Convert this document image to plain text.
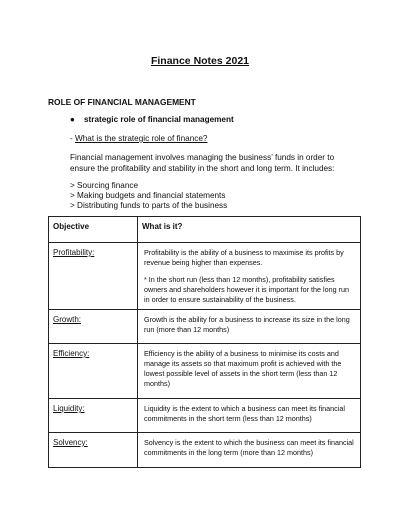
Finance Notes 2021
ROLE OF FINANCIAL MANAGEMENT
● strategic role of financial management
- What is the strategic role of finance?
Financial management involves managing the business’ funds in order to ensure the profitability and stability in the short and long term. It includes:
> Sourcing finance
> Making budgets and financial statements
> Distributing funds to parts of the business
Objective	What is it?
Profitability:	Profitability is the ability of a business to maximise its profits by revenue being higher than expenses.

* In the short run (less than 12 months), profitability satisfies owners and shareholders however it is important for the long run in order to ensure sustainability of the business.

Growth:	Growth is the ability for a business to increase its size in the long run (more than 12 months)

Efficiency:	Efficiency is the ability of a business to minimise its costs and manage its assets so that maximum profit is achieved with the lowest possible level of assets in the short term (less than 12 months)

Liquidity:	Liquidity is the extent to which a business can meet its financial commitments in the short term (less than 12 months)

Solvency:	Solvency is the extent to which the business can meet its financial commitments in the long term (more than 12 months)
